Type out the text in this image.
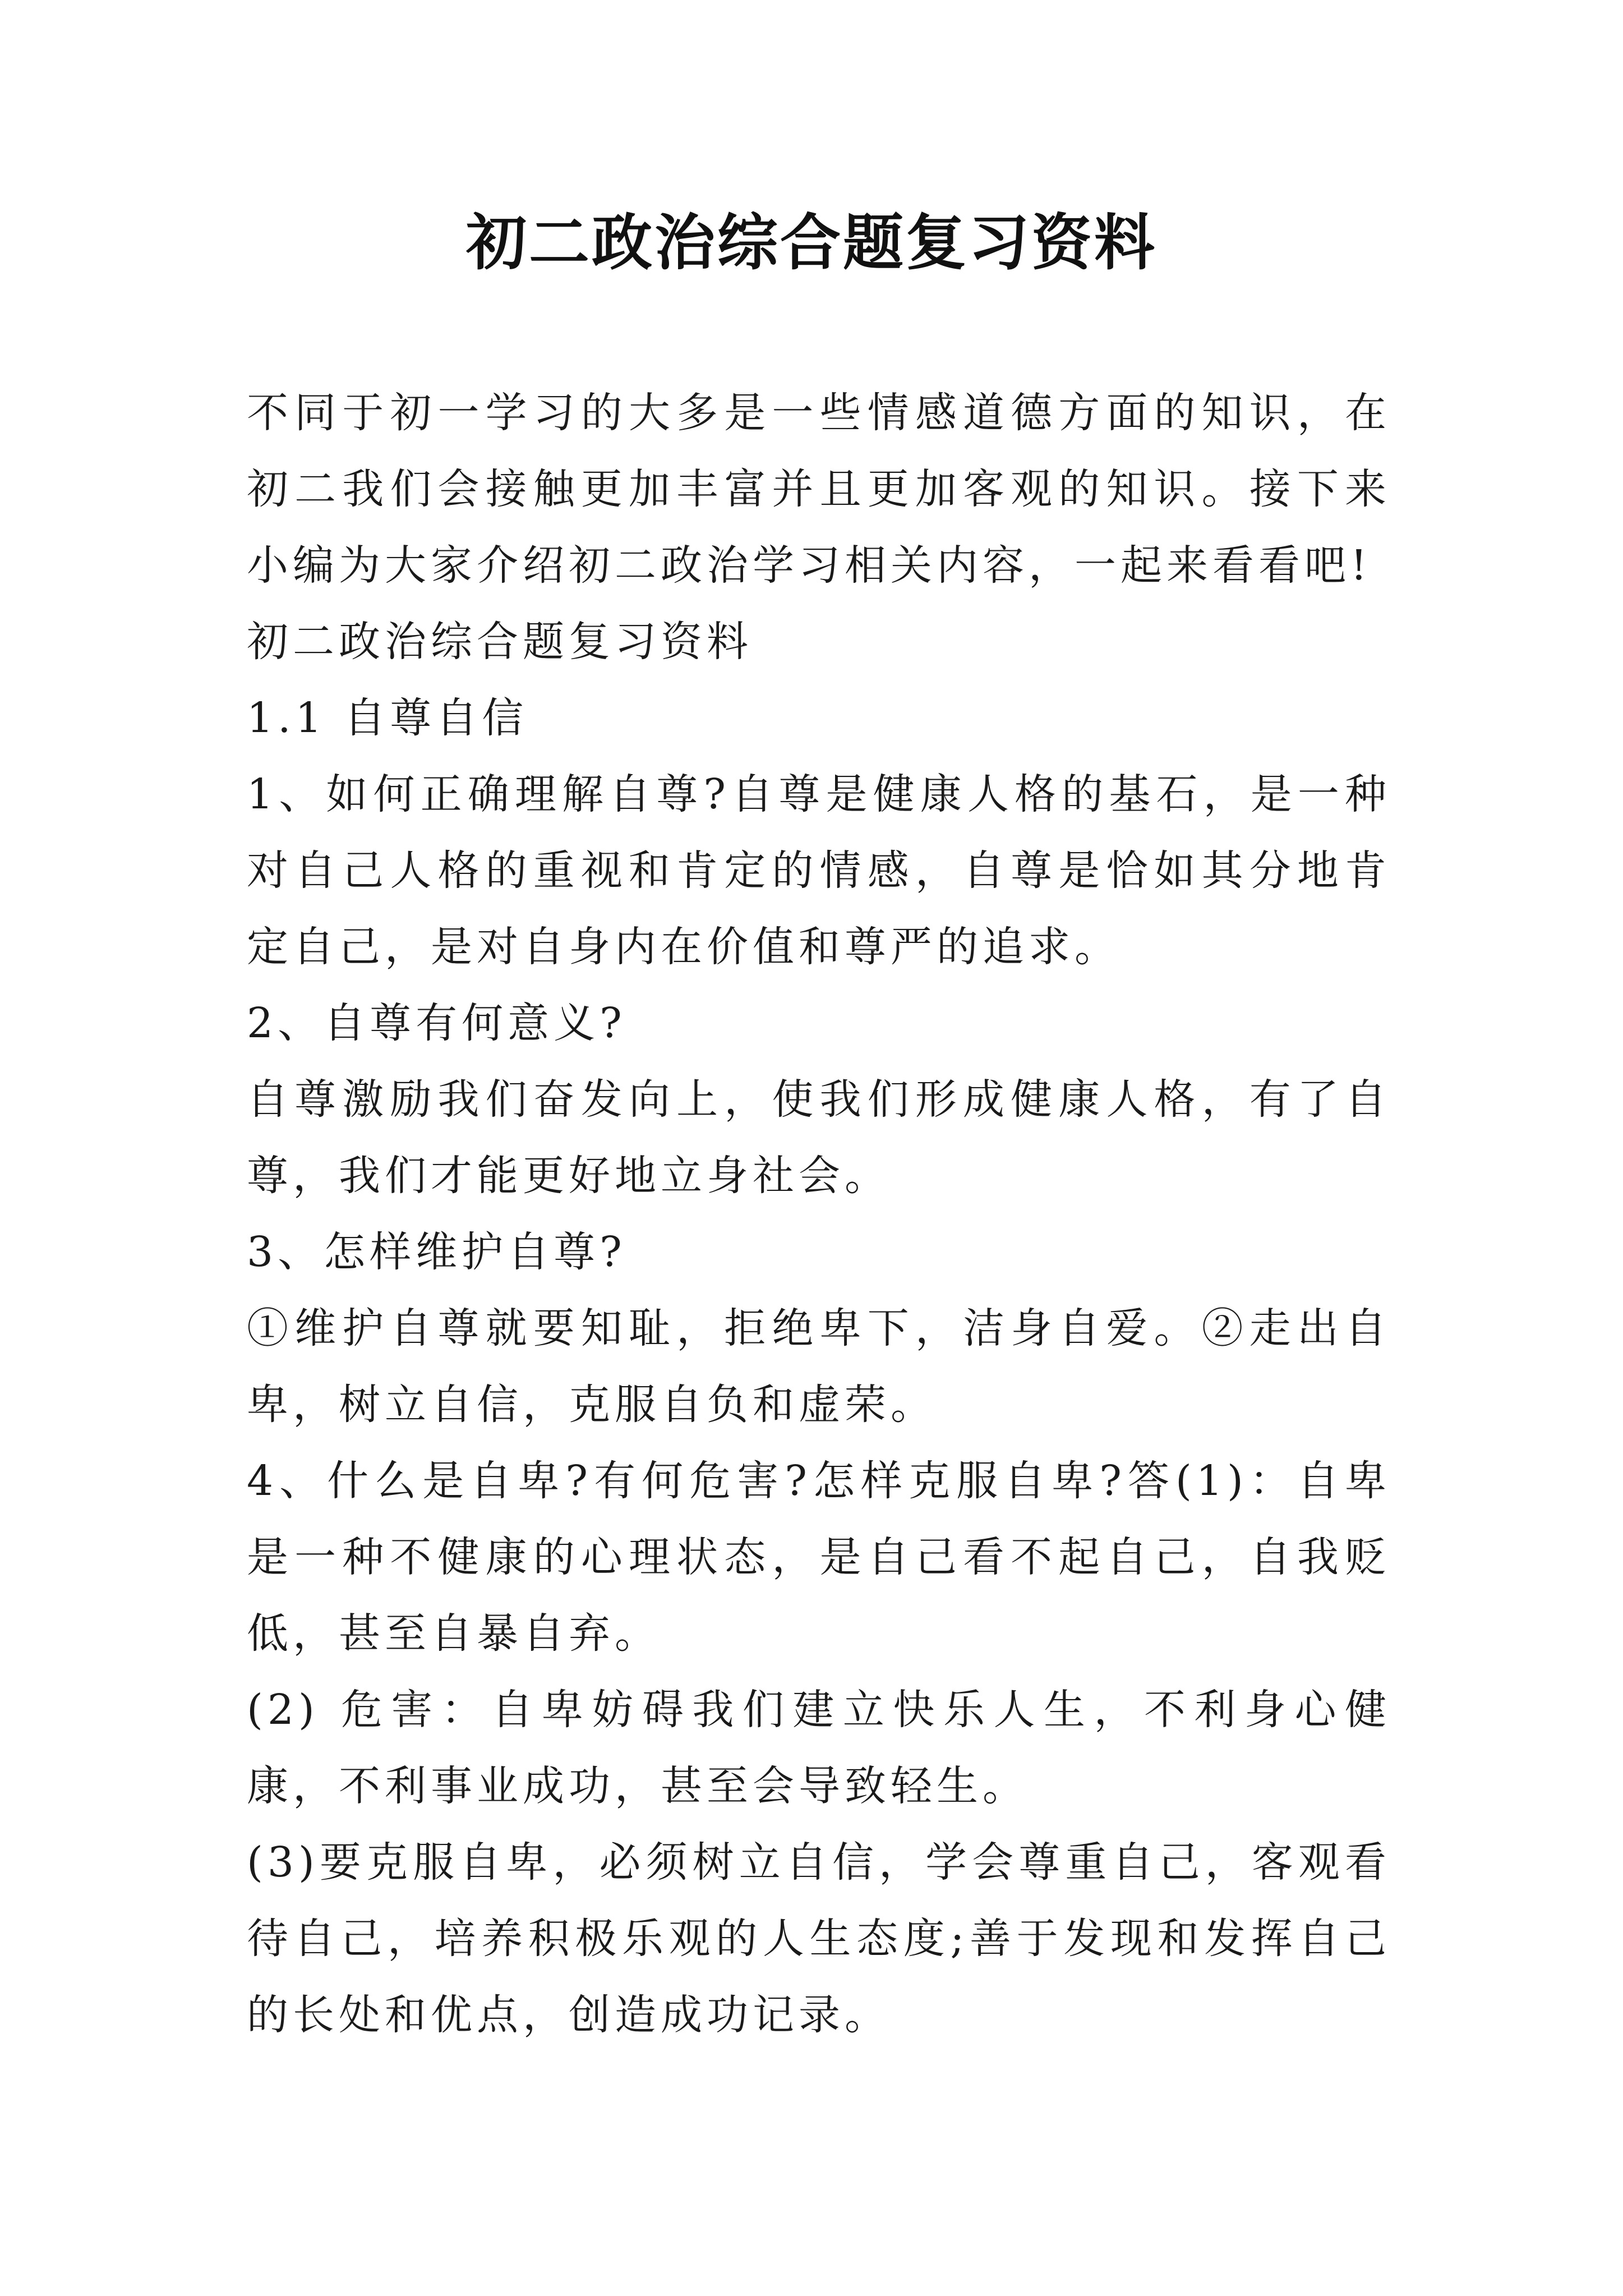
初二政治综合题复习资料

不同于初一学习的大多是一些情感道德方面的知识，在初二我们会接触更加丰富并且更加客观的知识。接下来小编为大家介绍初二政治学习相关内容，一起来看看吧!

初二政治综合题复习资料

1.1 自尊自信

1、如何正确理解自尊?自尊是健康人格的基石，是一种对自己人格的重视和肯定的情感，自尊是恰如其分地肯定自己，是对自身内在价值和尊严的追求。

2、自尊有何意义?

自尊激励我们奋发向上，使我们形成健康人格，有了自尊，我们才能更好地立身社会。

3、怎样维护自尊?

①维护自尊就要知耻，拒绝卑下，洁身自爱。②走出自卑，树立自信，克服自负和虚荣。

4、什么是自卑?有何危害?怎样克服自卑?答(1)：自卑是一种不健康的心理状态，是自己看不起自己，自我贬低，甚至自暴自弃。

(2) 危害：自卑妨碍我们建立快乐人生，不利身心健康，不利事业成功，甚至会导致轻生。

(3)要克服自卑，必须树立自信，学会尊重自己，客观看待自己，培养积极乐观的人生态度;善于发现和发挥自己的长处和优点，创造成功记录。
